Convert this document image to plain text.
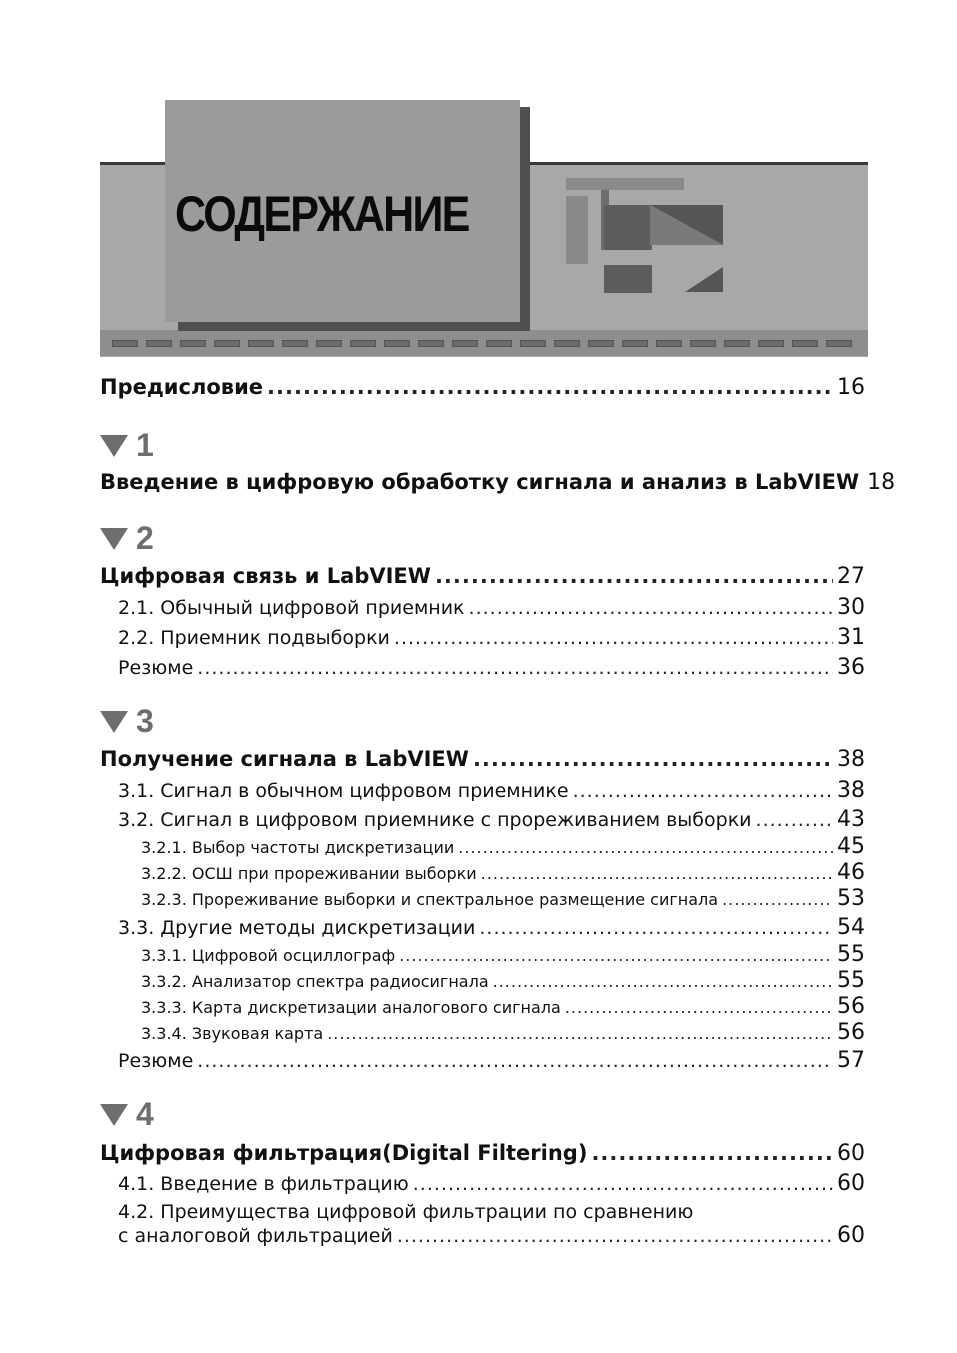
СОДЕРЖАНИЕ
Предисловие .....	16
1
Введение в цифровую обработку сигнала и анализ в LabVIEW 18
2
Цифровая связь и LabVIEW .....	27
2.1. Обычный цифровой приемник .....	30
2.2. Приемник подвыборки .....	31
Резюме .....	36
3
Получение сигнала в LabVIEW .....	38
3.1. Сигнал в обычном цифровом приемнике .....	38
3.2. Сигнал в цифровом приемнике с прореживанием выборки .....	43
3.2.1. Выбор частоты дискретизации .....	45
3.2.2. ОСШ при прореживании выборки .....	46
3.2.3. Прореживание выборки и спектральное размещение сигнала .....	53
3.3. Другие методы дискретизации .....	54
3.3.1. Цифровой осциллограф .....	55
3.3.2. Анализатор спектра радиосигнала .....	55
3.3.3. Карта дискретизации аналогового сигнала .....	56
3.3.4. Звуковая карта .....	56
Резюме .....	57
4
Цифровая фильтрация(Digital Filtering) .....	60
4.1. Введение в фильтрацию .....	60
4.2. Преимущества цифровой фильтрации по сравнению
с аналоговой фильтрацией .....	60
